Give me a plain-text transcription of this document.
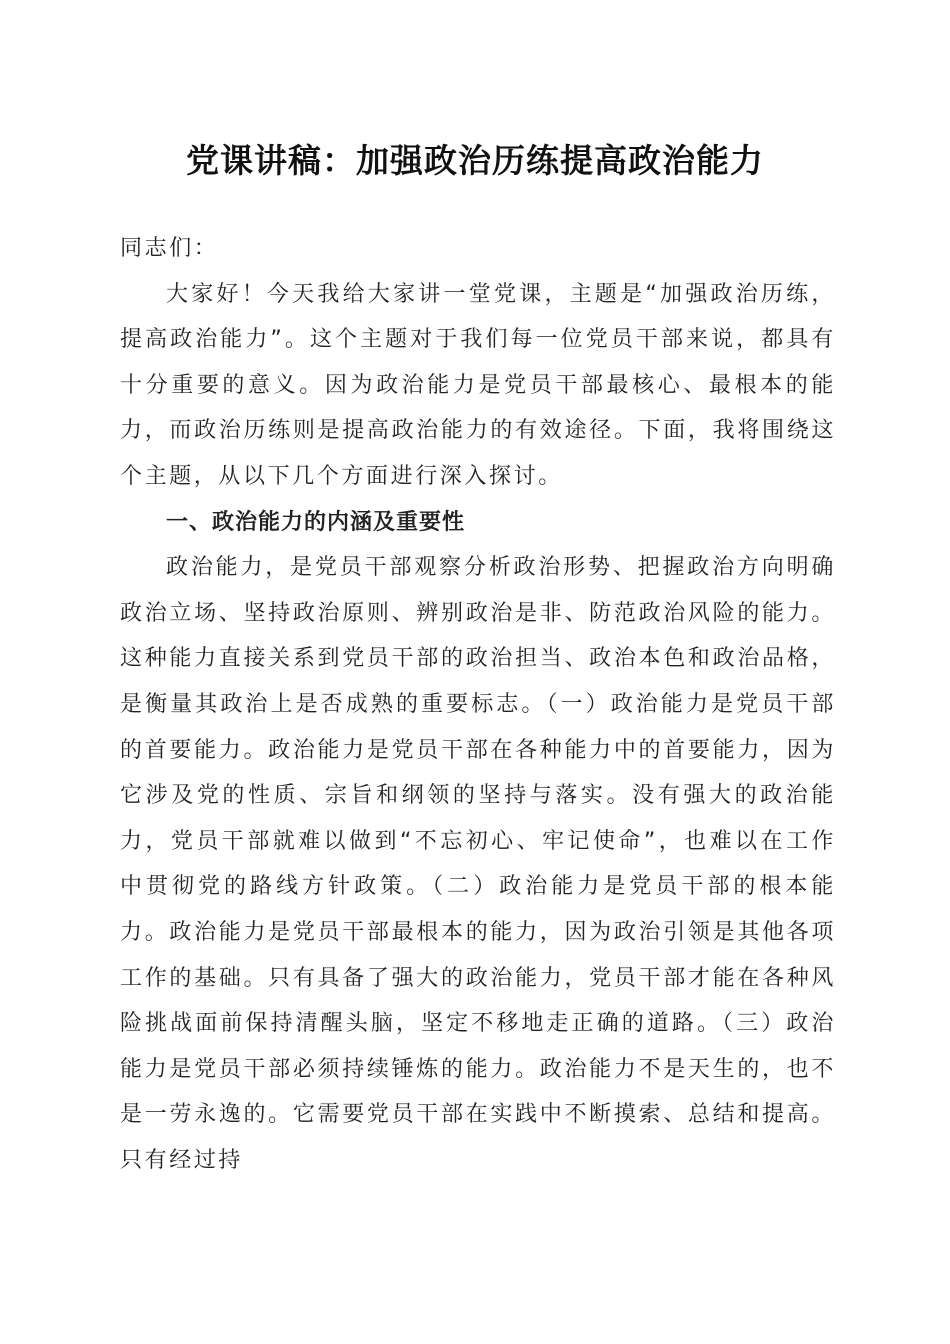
党课讲稿：加强政治历练提高政治能力

同志们：

大家好！今天我给大家讲一堂党课，主题是“加强政治历练，提高政治能力”。这个主题对于我们每一位党员干部来说，都具有十分重要的意义。因为政治能力是党员干部最核心、最根本的能力，而政治历练则是提高政治能力的有效途径。下面，我将围绕这个主题，从以下几个方面进行深入探讨。

一、政治能力的内涵及重要性

政治能力，是党员干部观察分析政治形势、把握政治方向明确政治立场、坚持政治原则、辨别政治是非、防范政治风险的能力。这种能力直接关系到党员干部的政治担当、政治本色和政治品格，是衡量其政治上是否成熟的重要标志。（一）政治能力是党员干部的首要能力。政治能力是党员干部在各种能力中的首要能力，因为它涉及党的性质、宗旨和纲领的坚持与落实。没有强大的政治能力，党员干部就难以做到“不忘初心、牢记使命”，也难以在工作中贯彻党的路线方针政策。（二）政治能力是党员干部的根本能力。政治能力是党员干部最根本的能力，因为政治引领是其他各项工作的基础。只有具备了强大的政治能力，党员干部才能在各种风险挑战面前保持清醒头脑，坚定不移地走正确的道路。（三）政治能力是党员干部必须持续锤炼的能力。政治能力不是天生的，也不是一劳永逸的。它需要党员干部在实践中不断摸索、总结和提高。只有经过持
